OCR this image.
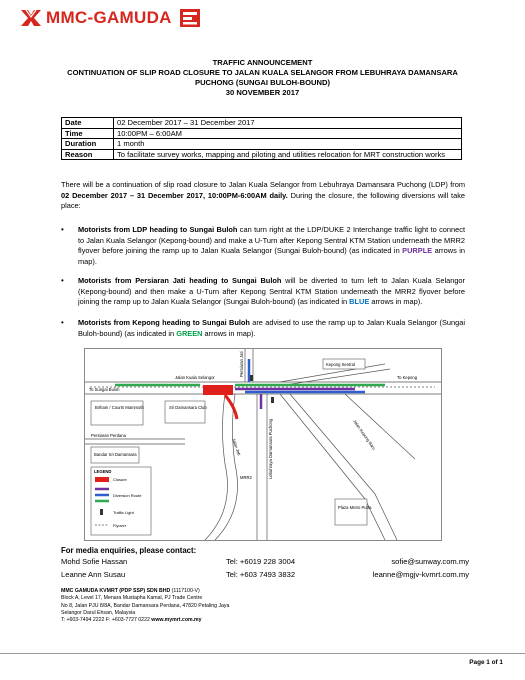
MMC-GAMUDA
TRAFFIC ANNOUNCEMENT
CONTINUATION OF SLIP ROAD CLOSURE TO JALAN KUALA SELANGOR FROM LEBUHRAYA DAMANSARA
PUCHONG (SUNGAI BULOH-BOUND)
30 NOVEMBER 2017
Date	02 December 2017 – 31 December 2017
Time	10:00PM – 6:00AM
Duration	1 month
Reason	To facilitate survey works, mapping and piloting and utilities relocation for MRT construction works
There will be a continuation of slip road closure to Jalan Kuala Selangor from Lebuhraya Damansara Puchong (LDP) from 02 December 2017 – 31 December 2017, 10:00PM-6:00AM daily. During the closure, the following diversions will take place:
• Motorists from LDP heading to Sungai Buloh can turn right at the LDP/DUKE 2 Interchange traffic light to connect to Jalan Kuala Selangor (Kepong-bound) and make a U-Turn after Kepong Sentral KTM Station underneath the MRR2 flyover before joining the ramp up to Jalan Kuala Selangor (Sungai Buloh-bound) (as indicated in PURPLE arrows in map).
• Motorists from Persiaran Jati heading to Sungai Buloh will be diverted to turn left to Jalan Kuala Selangor (Kepong-bound) and then make a U-Turn after Kepong Sentral KTM Station underneath the MRR2 flyover before joining the ramp up to Jalan Kuala Selangor (Sungai Buloh-bound) (as indicated in BLUE arrows in map).
• Motorists from Kepong heading to Sungai Buloh are advised to use the ramp up to Jalan Kuala Selangor (Sungai Buloh-bound) (as indicated in GREEN arrows in map).
Jalan Kuala Selangor
To Sungai Buloh
To Kepong
Kepong Sentral
Birham / Courts Mammoth	Sri Damansara Club
Persiaran Perdana
Bandar Sri Damansara
Plaza Metro Putra
MRR2
Persiaran Jati
Lebuhraya Damansara Puchong
Jalan Jati	Jalan Kepong Baru
LEGEND
Closure
Diversion Route
Traffic Light
Flyover
For media enquiries, please contact:
Mohd Sofie Hassan	Tel: +6019 228 3004	sofie@sunway.com.my
Leanne Ann Susau	Tel: +603 7493 3832	leanne@mgjv-kvmrt.com.my
MMC GAMUDA KVMRT (PDP SSP) SDN BHD (1117100-V)
Block A, Level 17, Menara Mustapha Kamal, PJ Trade Centre
No 8, Jalan PJU 8/8A, Bandar Damansara Perdana, 47820 Petaling Jaya
Selangor Darul Ehsan, Malaysia
T: +603-7494 2222 F: +603-7727 0222 www.mymrt.com.my
Page 1 of 1
